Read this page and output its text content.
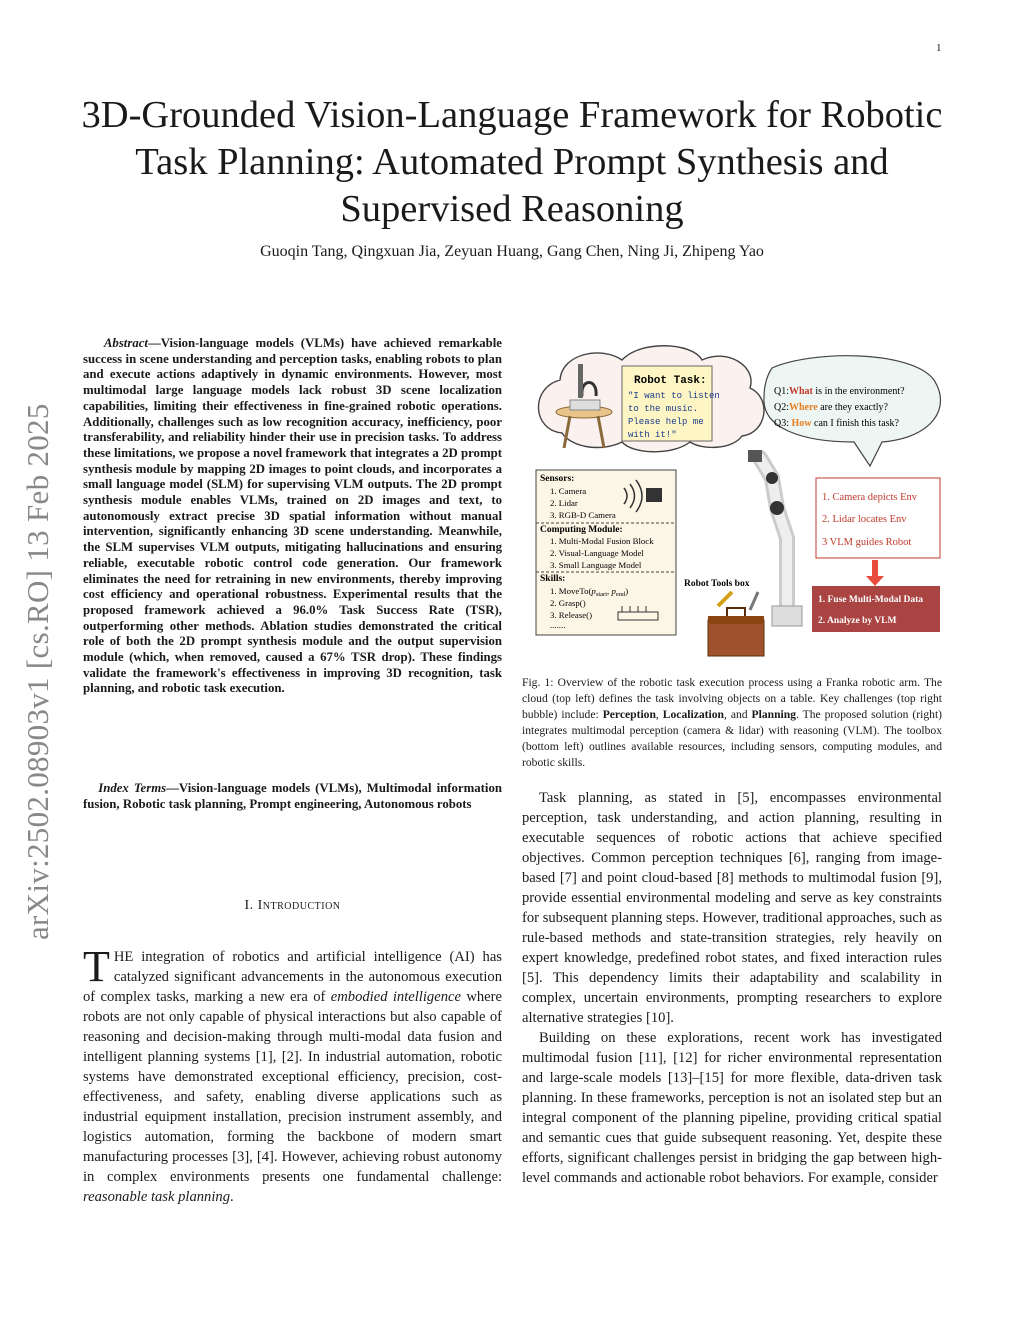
1
3D-Grounded Vision-Language Framework for Robotic Task Planning: Automated Prompt Synthesis and Supervised Reasoning
Guoqin Tang, Qingxuan Jia, Zeyuan Huang, Gang Chen, Ning Ji, Zhipeng Yao
arXiv:2502.08903v1 [cs.RO] 13 Feb 2025
Abstract—Vision-language models (VLMs) have achieved remarkable success in scene understanding and perception tasks, enabling robots to plan and execute actions adaptively in dynamic environments. However, most multimodal large language models lack robust 3D scene localization capabilities, limiting their effectiveness in fine-grained robotic operations. Additionally, challenges such as low recognition accuracy, inefficiency, poor transferability, and reliability hinder their use in precision tasks. To address these limitations, we propose a novel framework that integrates a 2D prompt synthesis module by mapping 2D images to point clouds, and incorporates a small language model (SLM) for supervising VLM outputs. The 2D prompt synthesis module enables VLMs, trained on 2D images and text, to autonomously extract precise 3D spatial information without manual intervention, significantly enhancing 3D scene understanding. Meanwhile, the SLM supervises VLM outputs, mitigating hallucinations and ensuring reliable, executable robotic control code generation. Our framework eliminates the need for retraining in new environments, thereby improving cost efficiency and operational robustness. Experimental results that the proposed framework achieved a 96.0% Task Success Rate (TSR), outperforming other methods. Ablation studies demonstrated the critical role of both the 2D prompt synthesis module and the output supervision module (which, when removed, caused a 67% TSR drop). These findings validate the framework's effectiveness in improving 3D recognition, task planning, and robotic task execution.
Index Terms—Vision-language models (VLMs), Multimodal information fusion, Robotic task planning, Prompt engineering, Autonomous robots
I. Introduction
THE integration of robotics and artificial intelligence (AI) has catalyzed significant advancements in the autonomous execution of complex tasks, marking a new era of embodied intelligence where robots are not only capable of physical interactions but also capable of reasoning and decision-making through multi-modal data fusion and intelligent planning systems [1], [2]. In industrial automation, robotic systems have demonstrated exceptional efficiency, precision, cost-effectiveness, and safety, enabling diverse applications such as industrial equipment installation, precision instrument assembly, and logistics automation, forming the backbone of modern smart manufacturing processes [3], [4]. However, achieving robust autonomy in complex environments presents one fundamental challenge: reasonable task planning.
Robot Task:
"I want to listen
to the music.
Please help me
with it!"
Q1:What is in the environment?
Q2:Where are they exactly?
Q3: How can I finish this task?
1. Camera depicts Env
2. Lidar locates Env
3 VLM guides Robot
1. Fuse Multi-Modal Data
2. Analyze by VLM
Sensors:
1. Camera
2. Lidar
3. RGB-D Camera
Computing Module:
1. Multi-Modal Fusion Block
2. Visual-Language Model
3. Small Language Model
Skills:
1. $MoveTo(p_{start}$, $p_{end}$)
2. Grasp()
3. Release()
.......
Robot Tools box
Fig. 1: Overview of the robotic task execution process using a Franka robotic arm. The cloud (top left) defines the task involving objects on a table. Key challenges (top right bubble) include: Perception, Localization, and Planning. The proposed solution (right) integrates multimodal perception (camera & lidar) with reasoning (VLM). The toolbox (bottom left) outlines available resources, including sensors, computing modules, and robotic skills.

Task planning, as stated in [5], encompasses environmental perception, task understanding, and action planning, resulting in executable sequences of robotic actions that achieve specified objectives. Common perception techniques [6], ranging from image-based [7] and point cloud-based [8] methods to multimodal fusion [9], provide essential environmental modeling and serve as key constraints for subsequent planning steps. However, traditional approaches, such as rule-based methods and state-transition strategies, rely heavily on expert knowledge, predefined robot states, and fixed interaction rules [5]. This dependency limits their adaptability and scalability in complex, uncertain environments, prompting researchers to explore alternative strategies [10].

Building on these explorations, recent work has investigated multimodal fusion [11], [12] for richer environmental representation and large-scale models [13]–[15] for more flexible, data-driven task planning. In these frameworks, perception is not an isolated step but an integral component of the planning pipeline, providing critical spatial and semantic cues that guide subsequent reasoning. Yet, despite these efforts, significant challenges persist in bridging the gap between high-level commands and actionable robot behaviors. For example, consider
